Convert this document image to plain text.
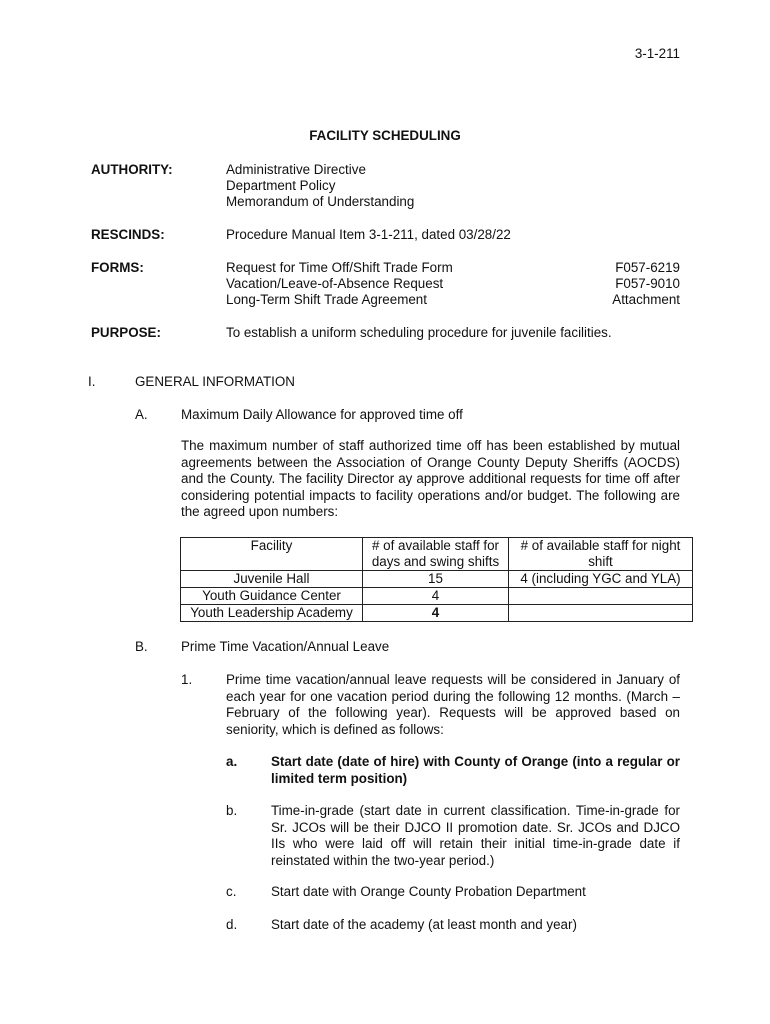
3-1-211
FACILITY SCHEDULING
AUTHORITY:	Administrative Directive
Department Policy
Memorandum of Understanding
RESCINDS:	Procedure Manual Item 3-1-211, dated 03/28/22
FORMS:	Request for Time Off/Shift Trade Form	F057-6219
Vacation/Leave-of-Absence Request	F057-9010
Long-Term Shift Trade Agreement	Attachment
PURPOSE:	To establish a uniform scheduling procedure for juvenile facilities.
I.	GENERAL INFORMATION
A. Maximum Daily Allowance for approved time off
The maximum number of staff authorized time off has been established by mutual agreements between the Association of Orange County Deputy Sheriffs (AOCDS) and the County. The facility Director ay approve additional requests for time off after considering potential impacts to facility operations and/or budget. The following are the agreed upon numbers:
Facility	# of available staff for days and swing shifts	# of available staff for night shift
Juvenile Hall	15	4 (including YGC and YLA)
Youth Guidance Center	4	
Youth Leadership Academy	4	
B. Prime Time Vacation/Annual Leave
1.	Prime time vacation/annual leave requests will be considered in January of each year for one vacation period during the following 12 months. (March – February of the following year). Requests will be approved based on seniority, which is defined as follows:
a.	Start date (date of hire) with County of Orange (into a regular or limited term position)
b.	Time-in-grade (start date in current classification. Time-in-grade for Sr. JCOs will be their DJCO II promotion date. Sr. JCOs and DJCO IIs who were laid off will retain their initial time-in-grade date if reinstated within the two-year period.)
c.	Start date with Orange County Probation Department
d.	Start date of the academy (at least month and year)
